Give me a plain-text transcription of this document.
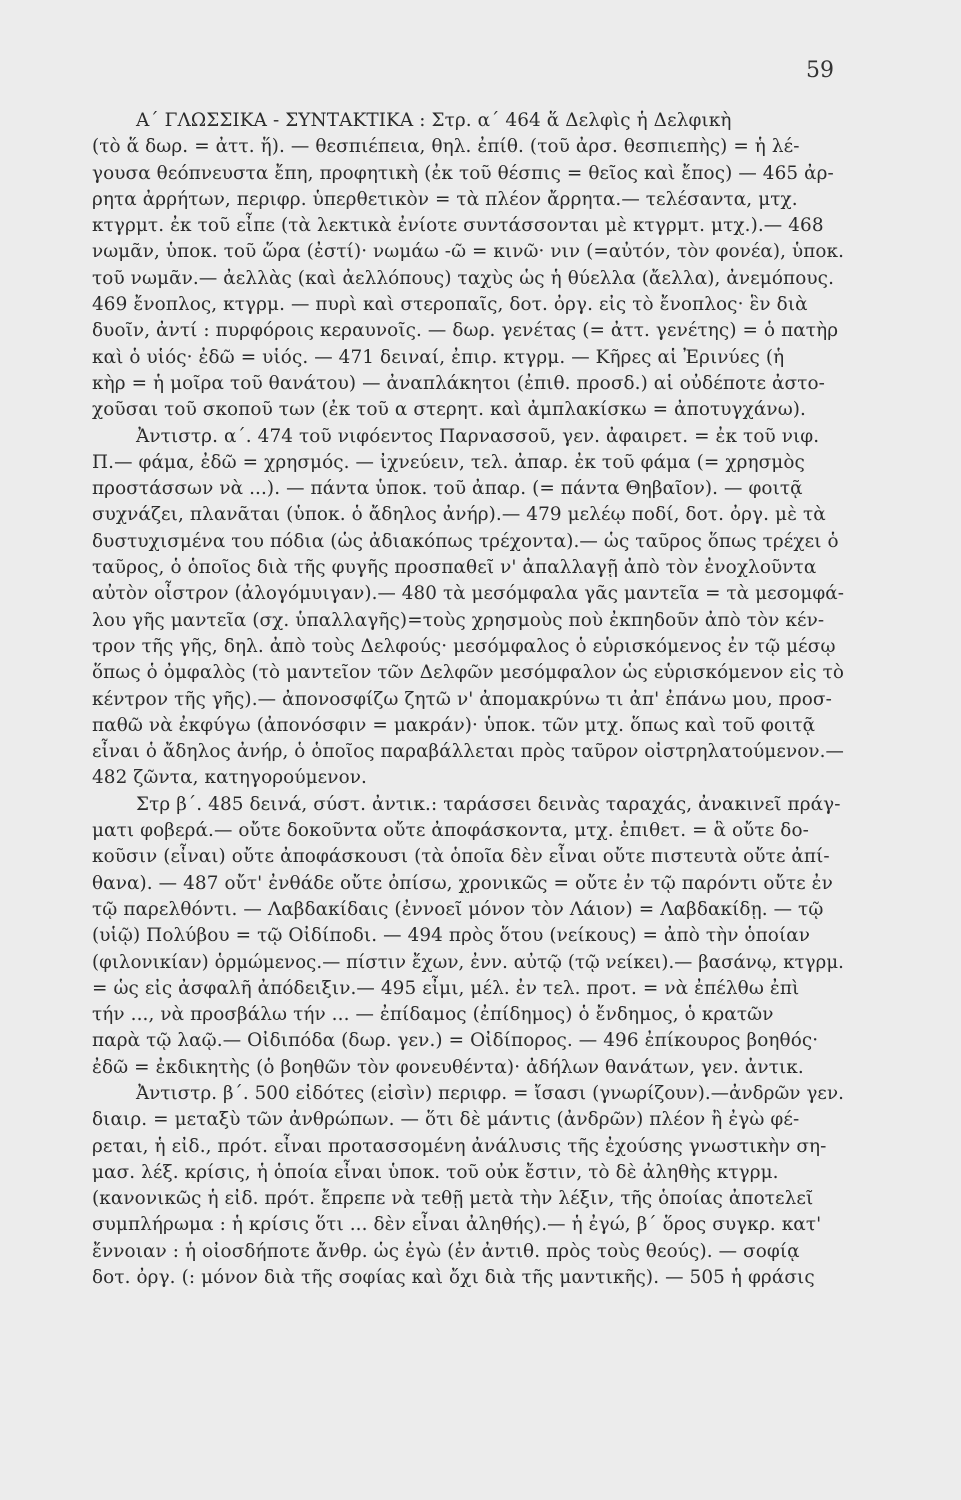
59
Α΄ ΓΛΩΣΣΙΚΑ - ΣΥΝΤΑΚΤΙΚΑ : Στρ. α΄ 464 ἅ Δελφὶς ἡ Δελφικὴ
(τὸ ἅ δωρ. = ἀττ. ἥ). — θεσπιέπεια, θηλ. ἐπίθ. (τοῦ ἀρσ. θεσπιεπὴς) = ἡ λέ-
γουσα θεόπνευστα ἔπη, προφητικὴ (ἐκ τοῦ θέσπις = θεῖος καὶ ἔπος) — 465 ἀρ-
ρητα ἀρρήτων, περιφρ. ὑπερθετικὸν = τὰ πλέον ἄρρητα.— τελέσαντα, μτχ.
κτγρμτ. ἐκ τοῦ εἶπε (τὰ λεκτικὰ ἐνίοτε συντάσσονται μὲ κτγρμτ. μτχ.).— 468
νωμᾶν, ὑποκ. τοῦ ὥρα (ἐστί)· νωμάω -ῶ = κινῶ· νιν (=αὐτόν, τὸν φονέα), ὑποκ.
τοῦ νωμᾶν.— ἀελλὰς (καὶ ἀελλόπους) ταχὺς ὡς ἡ θύελλα (ἄελλα), ἀνεμόπους.
469 ἔνοπλος, κτγρμ. — πυρὶ καὶ στεροπαῖς, δοτ. ὀργ. εἰς τὸ ἔνοπλος· ἓν διὰ
δυοῖν, ἀντί : πυρφόροις κεραυνοῖς. — δωρ. γενέτας (= ἀττ. γενέτης) = ὁ πατὴρ
καὶ ὁ υἱός· ἐδῶ = υἱός. — 471 δειναί, ἐπιρ. κτγρμ. — Κῆρες αἱ Ἐρινύες (ἡ
κὴρ = ἡ μοῖρα τοῦ θανάτου) — ἀναπλάκητοι (ἐπιθ. προσδ.) αἱ οὐδέποτε ἀστο-
χοῦσαι τοῦ σκοποῦ των (ἐκ τοῦ α στερητ. καὶ ἀμπλακίσκω = ἀποτυγχάνω).
Ἀντιστρ. α΄. 474 τοῦ νιφόεντος Παρνασσοῦ, γεν. ἀφαιρετ. = ἐκ τοῦ νιφ.
Π.— φάμα, ἐδῶ = χρησμός. — ἰχνεύειν, τελ. ἀπαρ. ἐκ τοῦ φάμα (= χρησμὸς
προστάσσων νὰ ...). — πάντα ὑποκ. τοῦ ἀπαρ. (= πάντα Θηβαῖον). — φοιτᾷ
συχνάζει, πλανᾶται (ὑποκ. ὁ ἄδηλος ἀνήρ).— 479 μελέῳ ποδί, δοτ. ὀργ. μὲ τὰ
δυστυχισμένα του πόδια (ὡς ἀδιακόπως τρέχοντα).— ὡς ταῦρος ὅπως τρέχει ὁ
ταῦρος, ὁ ὁποῖος διὰ τῆς φυγῆς προσπαθεῖ ν' ἀπαλλαγῇ ἀπὸ τὸν ἐνοχλοῦντα
αὐτὸν οἶστρον (ἀλογόμυιγαν).— 480 τὰ μεσόμφαλα γᾶς μαντεῖα = τὰ μεσομφά-
λου γῆς μαντεῖα (σχ. ὑπαλλαγῆς)=τοὺς χρησμοὺς ποὺ ἐκπηδοῦν ἀπὸ τὸν κέν-
τρον τῆς γῆς, δηλ. ἀπὸ τοὺς Δελφούς· μεσόμφαλος ὁ εὑρισκόμενος ἐν τῷ μέσῳ
ὅπως ὁ ὀμφαλὸς (τὸ μαντεῖον τῶν Δελφῶν μεσόμφαλον ὡς εὑρισκόμενον εἰς τὸ
κέντρον τῆς γῆς).— ἀπονοσφίζω ζητῶ ν' ἀπομακρύνω τι ἀπ' ἐπάνω μου, προσ-
παθῶ νὰ ἐκφύγω (ἀπονόσφιν = μακράν)· ὑποκ. τῶν μτχ. ὅπως καὶ τοῦ φοιτᾷ
εἶναι ὁ ἄδηλος ἀνήρ, ὁ ὁποῖος παραβάλλεται πρὸς ταῦρον οἰστρηλατούμενον.—
482 ζῶντα, κατηγορούμενον.
Στρ β΄. 485 δεινά, σύστ. ἀντικ.: ταράσσει δεινὰς ταραχάς, ἀνακινεῖ πράγ-
ματι φοβερά.— οὔτε δοκοῦντα οὔτε ἀποφάσκοντα, μτχ. ἐπιθετ. = ἃ οὔτε δο-
κοῦσιν (εἶναι) οὔτε ἀποφάσκουσι (τὰ ὁποῖα δὲν εἶναι οὔτε πιστευτὰ οὔτε ἀπί-
θανα). — 487 οὔτ' ἐνθάδε οὔτε ὀπίσω, χρονικῶς = οὔτε ἐν τῷ παρόντι οὔτε ἐν
τῷ παρελθόντι. — Λαβδακίδαις (ἐννοεῖ μόνον τὸν Λάιον) = Λαβδακίδῃ. — τῷ
(υἱῷ) Πολύβου = τῷ Οἰδίποδι. — 494 πρὸς ὅτου (νείκους) = ἀπὸ τὴν ὁποίαν
(φιλονικίαν) ὁρμώμενος.— πίστιν ἔχων, ἐνν. αὐτῷ (τῷ νείκει).— βασάνῳ, κτγρμ.
= ὡς εἰς ἀσφαλῆ ἀπόδειξιν.— 495 εἶμι, μέλ. ἐν τελ. προτ. = νὰ ἐπέλθω ἐπὶ
τήν ..., νὰ προσβάλω τήν ... — ἐπίδαμος (ἐπίδημος) ὁ ἔνδημος, ὁ κρατῶν
παρὰ τῷ λαῷ.— Οἰδιπόδα (δωρ. γεν.) = Οἰδίπορος. — 496 ἐπίκουρος βοηθός·
ἐδῶ = ἐκδικητὴς (ὁ βοηθῶν τὸν φονευθέντα)· ἀδήλων θανάτων, γεν. ἀντικ.
Ἀντιστρ. β΄. 500 εἰδότες (εἰσὶν) περιφρ. = ἴσασι (γνωρίζουν).—ἀνδρῶν γεν.
διαιρ. = μεταξὺ τῶν ἀνθρώπων. — ὅτι δὲ μάντις (ἀνδρῶν) πλέον ἢ ἐγὼ φέ-
ρεται, ἡ εἰδ., πρότ. εἶναι προτασσομένη ἀνάλυσις τῆς ἐχούσης γνωστικὴν ση-
μασ. λέξ. κρίσις, ἡ ὁποία εἶναι ὑποκ. τοῦ οὐκ ἔστιν, τὸ δὲ ἀληθὴς κτγρμ.
(κανονικῶς ἡ εἰδ. πρότ. ἔπρεπε νὰ τεθῇ μετὰ τὴν λέξιν, τῆς ὁποίας ἀποτελεῖ
συμπλήρωμα : ἡ κρίσις ὅτι ... δὲν εἶναι ἀληθής).— ἡ ἐγώ, β΄ ὅρος συγκρ. κατ'
ἔννοιαν : ἡ οἰοσδήποτε ἄνθρ. ὡς ἐγὼ (ἐν ἀντιθ. πρὸς τοὺς θεούς). — σοφίᾳ
δοτ. ὀργ. (: μόνον διὰ τῆς σοφίας καὶ ὄχι διὰ τῆς μαντικῆς). — 505 ἡ φράσις
